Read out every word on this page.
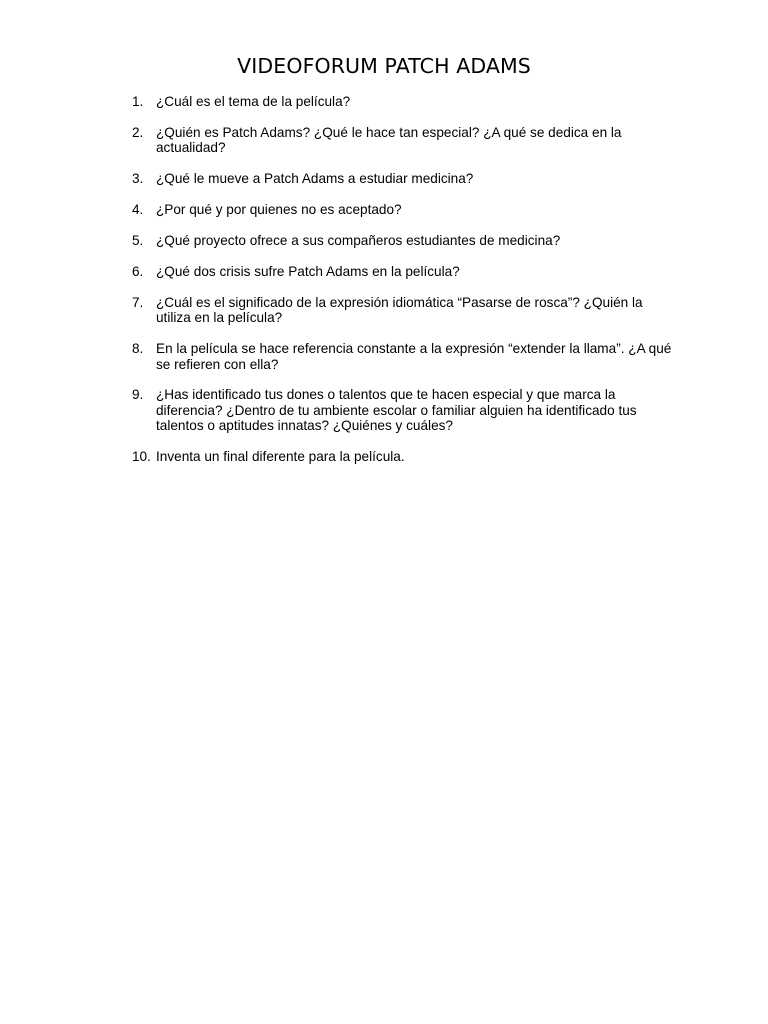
VIDEOFORUM PATCH ADAMS
1. ¿Cuál es el tema de la película?
2. ¿Quién es Patch Adams? ¿Qué le hace tan especial? ¿A qué se dedica en la actualidad?
3. ¿Qué le mueve a Patch Adams a estudiar medicina?
4. ¿Por qué y por quienes no es aceptado?
5. ¿Qué proyecto ofrece a sus compañeros estudiantes de medicina?
6. ¿Qué dos crisis sufre Patch Adams en la película?
7. ¿Cuál es el significado de la expresión idiomática “Pasarse de rosca”? ¿Quién la utiliza en la película?
8. En la película se hace referencia constante a la expresión “extender la llama”. ¿A qué se refieren con ella?
9. ¿Has identificado tus dones o talentos que te hacen especial y que marca la diferencia? ¿Dentro de tu ambiente escolar o familiar alguien ha identificado tus talentos o aptitudes innatas? ¿Quiénes y cuáles?
10. Inventa un final diferente para la película.
